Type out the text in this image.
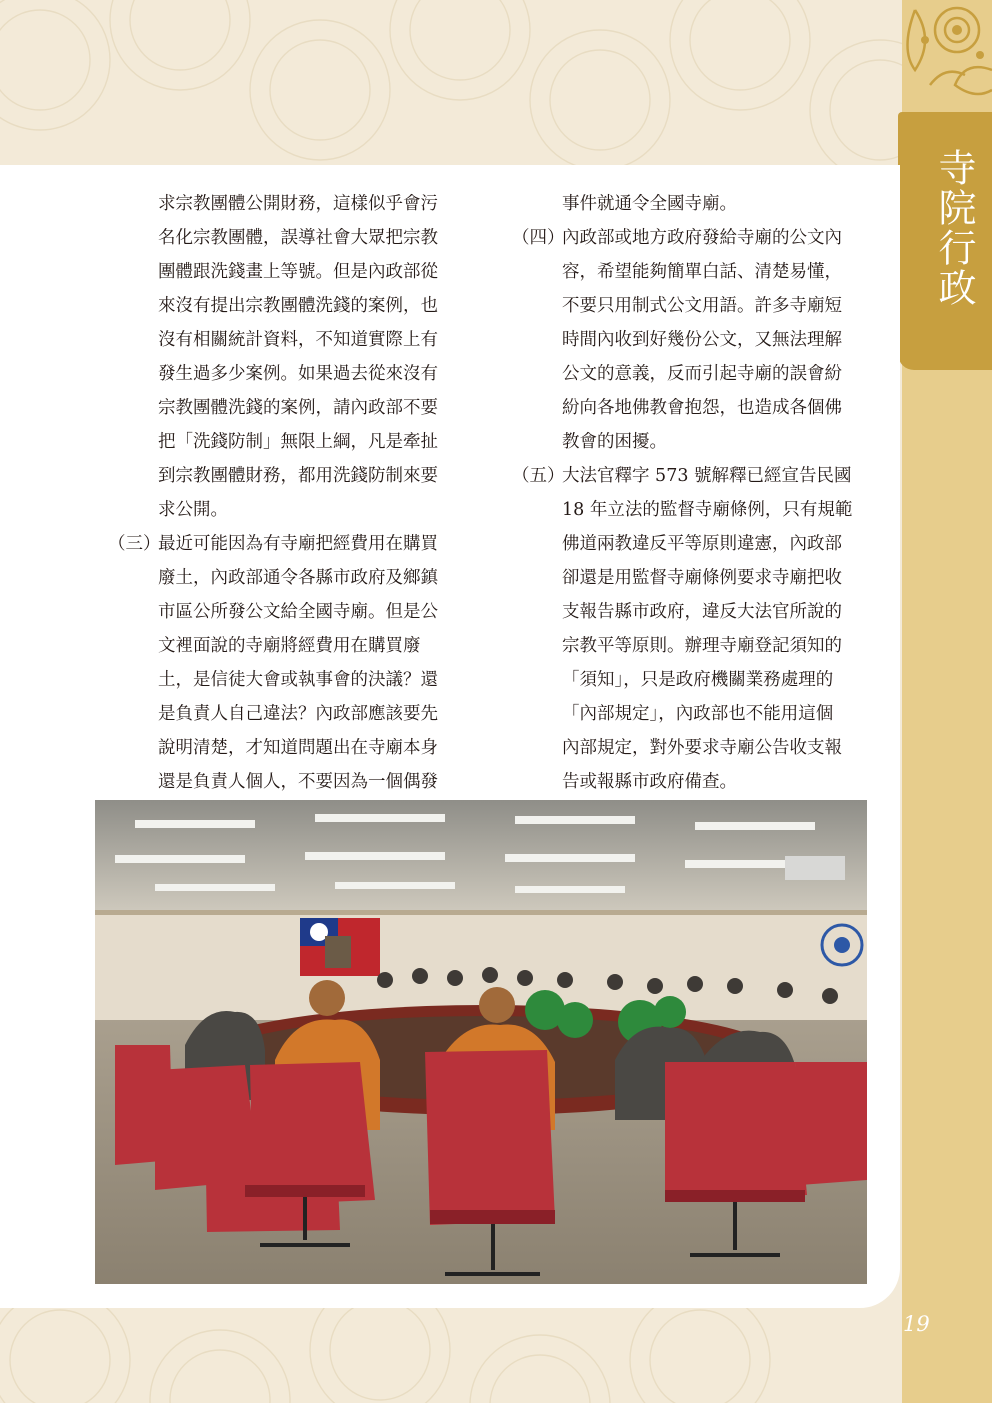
寺院行政
求宗教團體公開財務，這樣似乎會污
名化宗教團體，誤導社會大眾把宗教
團體跟洗錢畫上等號。但是內政部從
來沒有提出宗教團體洗錢的案例，也
沒有相關統計資料，不知道實際上有
發生過多少案例。如果過去從來沒有
宗教團體洗錢的案例，請內政部不要
把「洗錢防制」無限上綱，凡是牽扯
到宗教團體財務，都用洗錢防制來要
求公開。
（三）最近可能因為有寺廟把經費用在購買
廢土，內政部通令各縣市政府及鄉鎮
市區公所發公文給全國寺廟。但是公
文裡面說的寺廟將經費用在購買廢
土，是信徒大會或執事會的決議？還
是負責人自己違法？內政部應該要先
說明清楚，才知道問題出在寺廟本身
還是負責人個人，不要因為一個偶發
事件就通令全國寺廟。
（四）內政部或地方政府發給寺廟的公文內
容，希望能夠簡單白話、清楚易懂，
不要只用制式公文用語。許多寺廟短
時間內收到好幾份公文，又無法理解
公文的意義，反而引起寺廟的誤會紛
紛向各地佛教會抱怨，也造成各個佛
教會的困擾。
（五）大法官釋字 573 號解釋已經宣告民國
18 年立法的監督寺廟條例，只有規範
佛道兩教違反平等原則違憲，內政部
卻還是用監督寺廟條例要求寺廟把收
支報告縣市政府，違反大法官所說的
宗教平等原則。辦理寺廟登記須知的
「須知」，只是政府機關業務處理的
「內部規定」，內政部也不能用這個
內部規定，對外要求寺廟公告收支報
告或報縣市政府備查。
19
